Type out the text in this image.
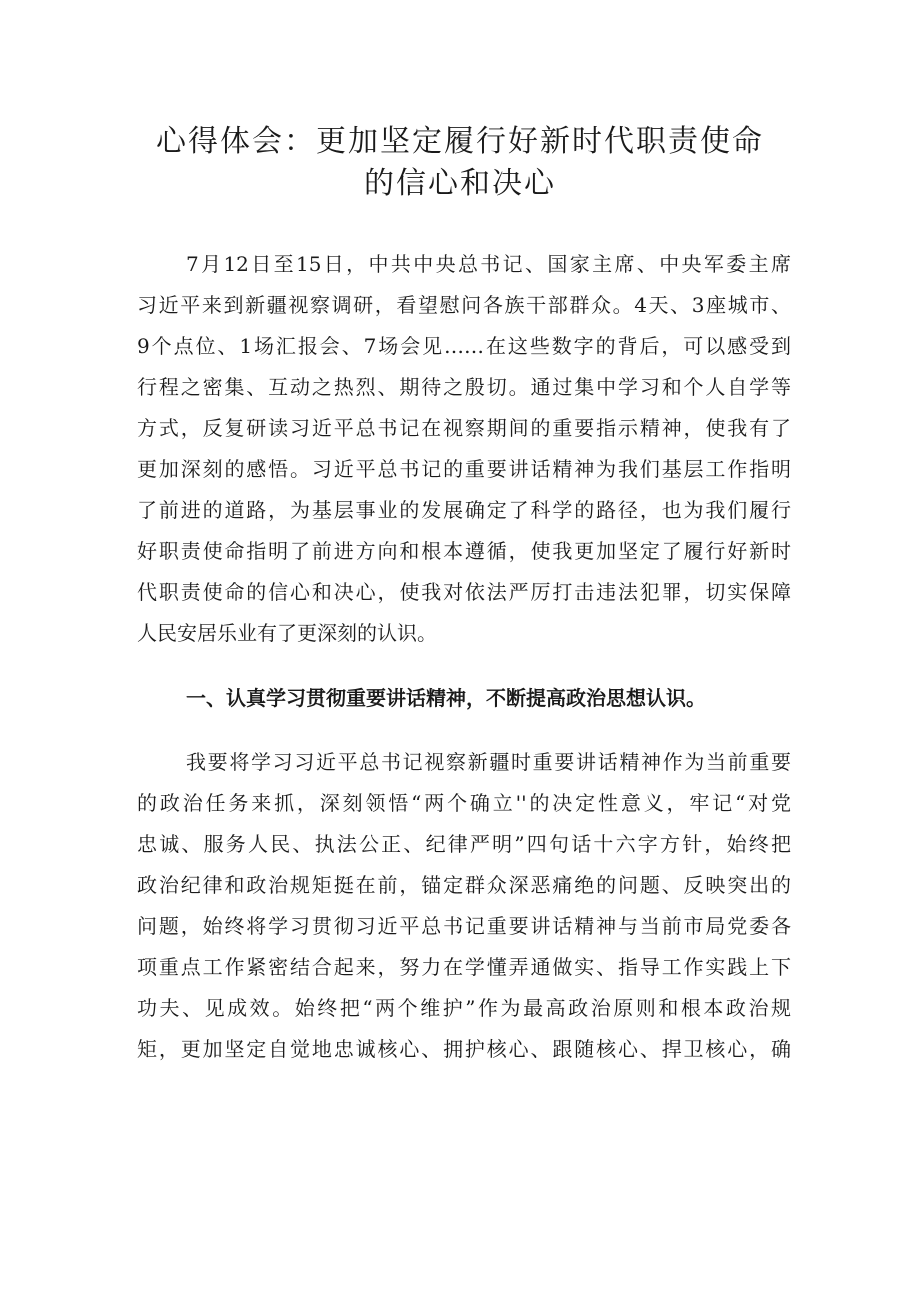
心得体会：更加坚定履行好新时代职责使命
的信心和决心
7月12日至15日，中共中央总书记、国家主席、中央军委主席
习近平来到新疆视察调研，看望慰问各族干部群众。4天、3座城市、
9个点位、1场汇报会、7场会见……在这些数字的背后，可以感受到
行程之密集、互动之热烈、期待之殷切。通过集中学习和个人自学等
方式，反复研读习近平总书记在视察期间的重要指示精神，使我有了
更加深刻的感悟。习近平总书记的重要讲话精神为我们基层工作指明
了前进的道路，为基层事业的发展确定了科学的路径，也为我们履行
好职责使命指明了前进方向和根本遵循，使我更加坚定了履行好新时
代职责使命的信心和决心，使我对依法严厉打击违法犯罪，切实保障
人民安居乐业有了更深刻的认识。
一、认真学习贯彻重要讲话精神，不断提高政治思想认识。
我要将学习习近平总书记视察新疆时重要讲话精神作为当前重要
的政治任务来抓，深刻领悟“两个确立''的决定性意义，牢记“对党
忠诚、服务人民、执法公正、纪律严明”四句话十六字方针，始终把
政治纪律和政治规矩挺在前，锚定群众深恶痛绝的问题、反映突出的
问题，始终将学习贯彻习近平总书记重要讲话精神与当前市局党委各
项重点工作紧密结合起来，努力在学懂弄通做实、指导工作实践上下
功夫、见成效。始终把“两个维护”作为最高政治原则和根本政治规
矩，更加坚定自觉地忠诚核心、拥护核心、跟随核心、捍卫核心，确
